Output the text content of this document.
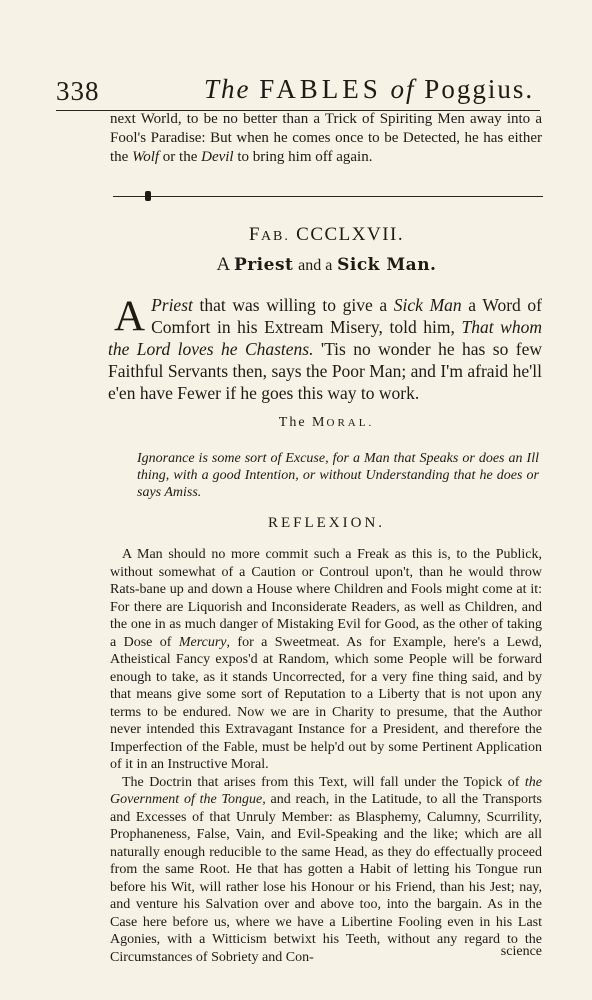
338	The FABLES of Poggius.
next World, to be no better than a Trick of Spiriting Men away into a Fool's Paradise: But when he comes once to be Detected, he has either the Wolf or the Devil to bring him off again.
FAB. CCCLXVII.
A Priest and a Sick Man.
A Priest that was willing to give a Sick Man a Word of Comfort in his Extream Misery, told him, That whom the Lord loves he Chastens. 'Tis no wonder he has so few Faithful Servants then, says the Poor Man; and I'm afraid he'll e'en have Fewer if he goes this way to work.
The MORAL.
Ignorance is some sort of Excuse, for a Man that Speaks or does an Ill thing, with a good Intention, or without Understanding that he does or says Amiss.
REFLEXION.

A Man should no more commit such a Freak as this is, to the Publick, without somewhat of a Caution or Controul upon't, than he would throw Rats-bane up and down a House where Children and Fools might come at it: For there are Liquorish and Inconsiderate Readers, as well as Children, and the one in as much danger of Mistaking Evil for Good, as the other of taking a Dose of Mercury, for a Sweetmeat. As for Example, here's a Lewd, Atheistical Fancy expos'd at Random, which some People will be forward enough to take, as it stands Uncorrected, for a very fine thing said, and by that means give some sort of Reputation to a Liberty that is not upon any terms to be endured. Now we are in Charity to presume, that the Author never intended this Extravagant Instance for a President, and therefore the Imperfection of the Fable, must be help'd out by some Pertinent Application of it in an Instructive Moral.

The Doctrin that arises from this Text, will fall under the Topick of the Government of the Tongue, and reach, in the Latitude, to all the Transports and Excesses of that Unruly Member: as Blasphemy, Calumny, Scurrility, Prophaneness, False, Vain, and Evil-Speaking and the like; which are all naturally enough reducible to the same Head, as they do effectually proceed from the same Root. He that has gotten a Habit of letting his Tongue run before his Wit, will rather lose his Honour or his Friend, than his Jest; nay, and venture his Salvation over and above too, into the bargain. As in the Case here before us, where we have a Libertine Fooling even in his Last Agonies, with a Witticism betwixt his Teeth, without any regard to the Circumstances of Sobriety and Con-	science
